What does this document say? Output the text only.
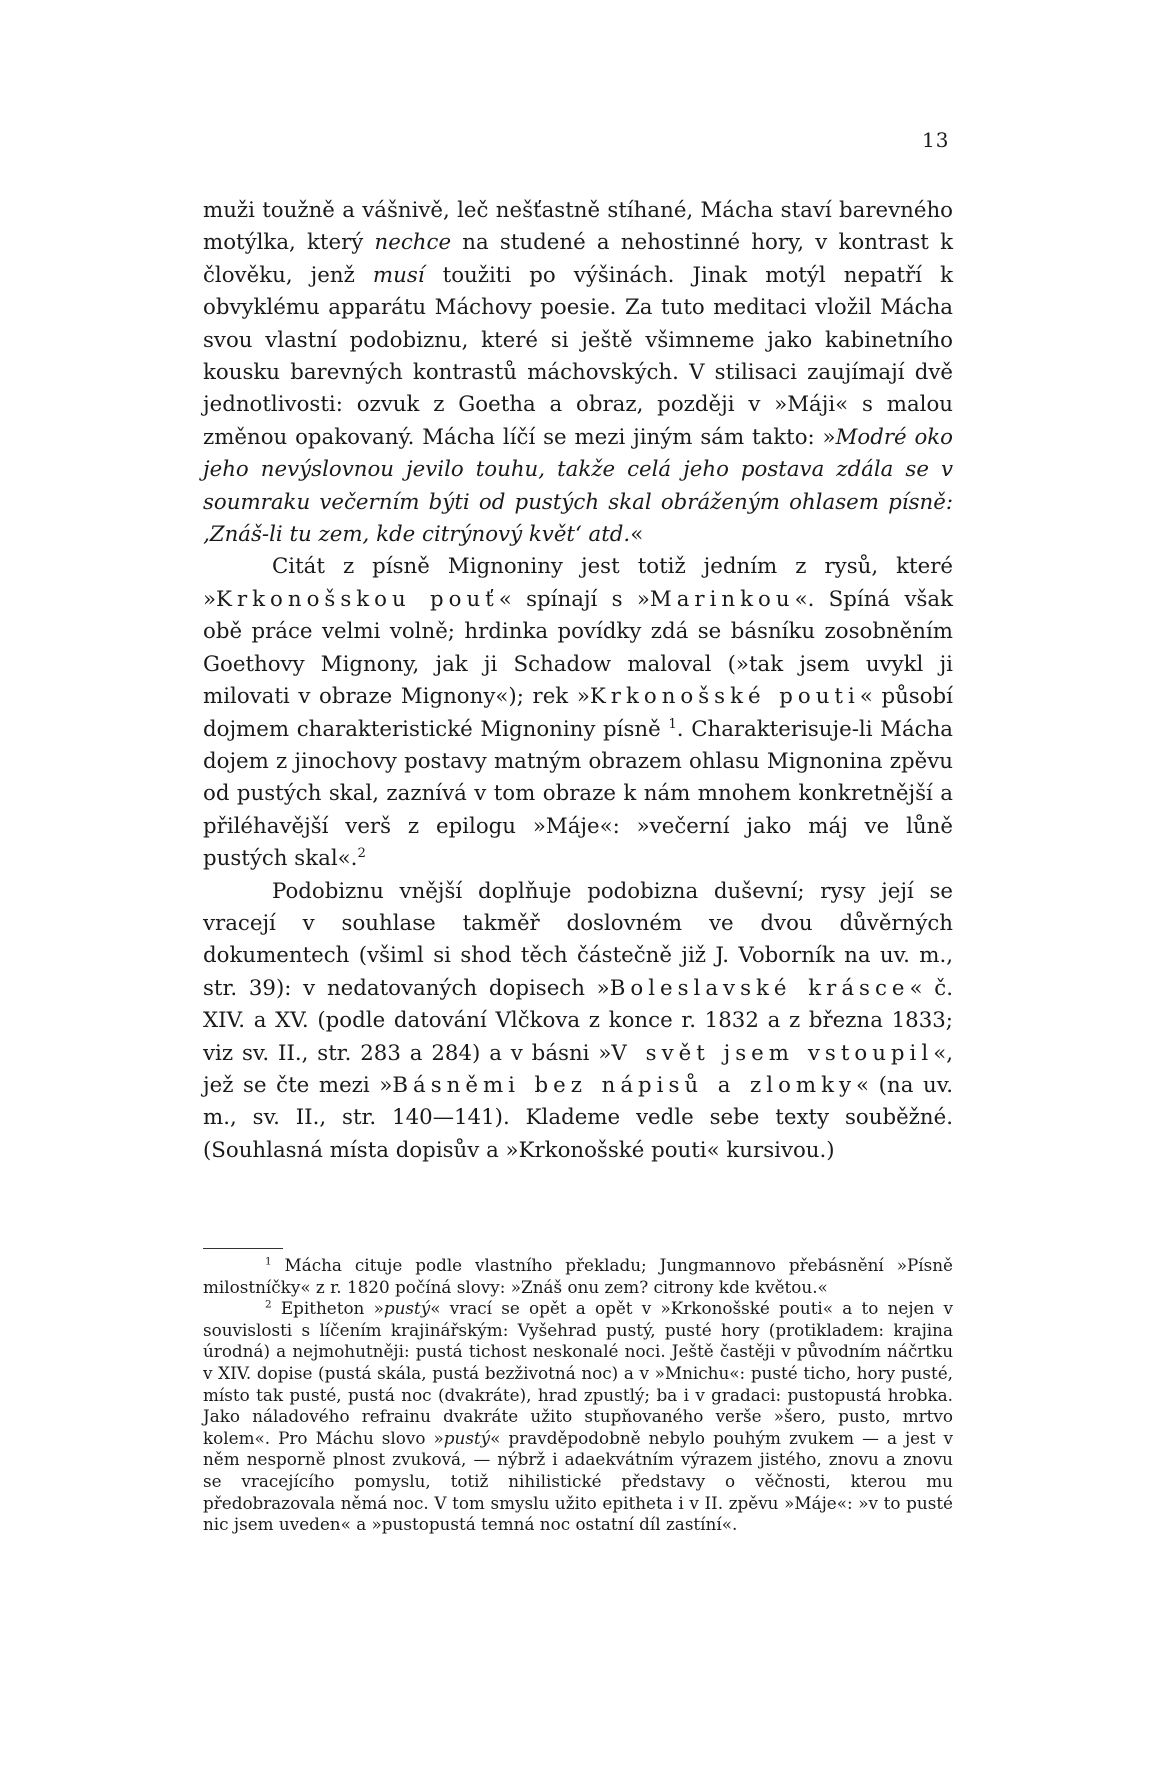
13

muži toužně a vášnivě, leč nešťastně stíhané, Mácha staví barevného motýlka, který nechce na studené a nehostinné hory, v kontrast k člověku, jenž musí toužiti po výšinách. Jinak motýl nepatří k obvyklému apparátu Máchovy poesie. Za tuto meditaci vložil Mácha svou vlastní podobiznu, které si ještě všimneme jako kabinetního kousku barevných kontrastů máchovských. V stilisaci zaujímají dvě jednotlivosti: ozvuk z Goetha a obraz, později v »Máji« s malou změnou opakovaný. Mácha líčí se mezi jiným sám takto: »Modré oko jeho nevýslovnou jevilo touhu, takže celá jeho postava zdála se v soumraku večerním býti od pustých skal obráženým ohlasem písně: ‚Znáš-li tu zem, kde citrýnový květ‘ atd.«

Citát z písně Mignoniny jest totiž jedním z rysů, které »Krkonošskou pouť« spínají s »Marinkou«. Spíná však obě práce velmi volně; hrdinka povídky zdá se básníku zosobněním Goethovy Mignony, jak ji Schadow maloval (»tak jsem uvykl ji milovati v obraze Mignony«); rek »Krkonošské pouti« působí dojmem charakteristické Mignoniny písně $^1$. Charakterisuje-li Mácha dojem z jinochovy postavy matným obrazem ohlasu Mignonina zpěvu od pustých skal, zaznívá v tom obraze k nám mnohem konkretnější a přiléhavější verš z epilogu »Máje«: »večerní jako máj ve lůně pustých skal«.$^2$

Podobiznu vnější doplňuje podobizna duševní; rysy její se vracejí v souhlase takměř doslovném ve dvou důvěrných dokumentech (všiml si shod těch částečně již J. Voborník na uv. m., str. 39): v nedatovaných dopisech »Boleslavské krásce« č. XIV. a XV. (podle datování Vlčkova z konce r. 1832 a z března 1833; viz sv. II., str. 283 a 284) a v básni »V svět jsem vstoupil«, jež se čte mezi »Básněmi bez nápisů a zlomky« (na uv. m., sv. II., str. 140—141). Klademe vedle sebe texty souběžné. (Souhlasná místa dopisův a »Krkonošské pouti« kursivou.)

$^1$ Mácha cituje podle vlastního překladu; Jungmannovo přebásnění »Písně milostníčky« z r. 1820 počíná slovy: »Znáš onu zem? citrony kde květou.«

$^2$ Epitheton »pustý« vrací se opět a opět v »Krkonošské pouti« a to nejen v souvislosti s líčením krajinářským: Vyšehrad pustý, pusté hory (protikladem: krajina úrodná) a nejmohutněji: pustá tichost neskonalé noci. Ještě častěji v původním náčrtku v XIV. dopise (pustá skála, pustá bezživotná noc) a v »Mnichu«: pusté ticho, hory pusté, místo tak pusté, pustá noc (dvakráte), hrad zpustlý; ba i v gradaci: pustopustá hrobka. Jako náladového refrainu dvakráte užito stupňovaného verše »šero, pusto, mrtvo kolem«. Pro Máchu slovo »pustý« pravděpodobně nebylo pouhým zvukem — a jest v něm nesporně plnost zvuková, — nýbrž i adaekvátním výrazem jistého, znovu a znovu se vracejícího pomyslu, totiž nihilistické představy o věčnosti, kterou mu předobrazovala němá noc. V tom smyslu užito epitheta i v II. zpěvu »Máje«: »v to pusté nic jsem uveden« a »pustopustá temná noc ostatní díl zastíní«.
